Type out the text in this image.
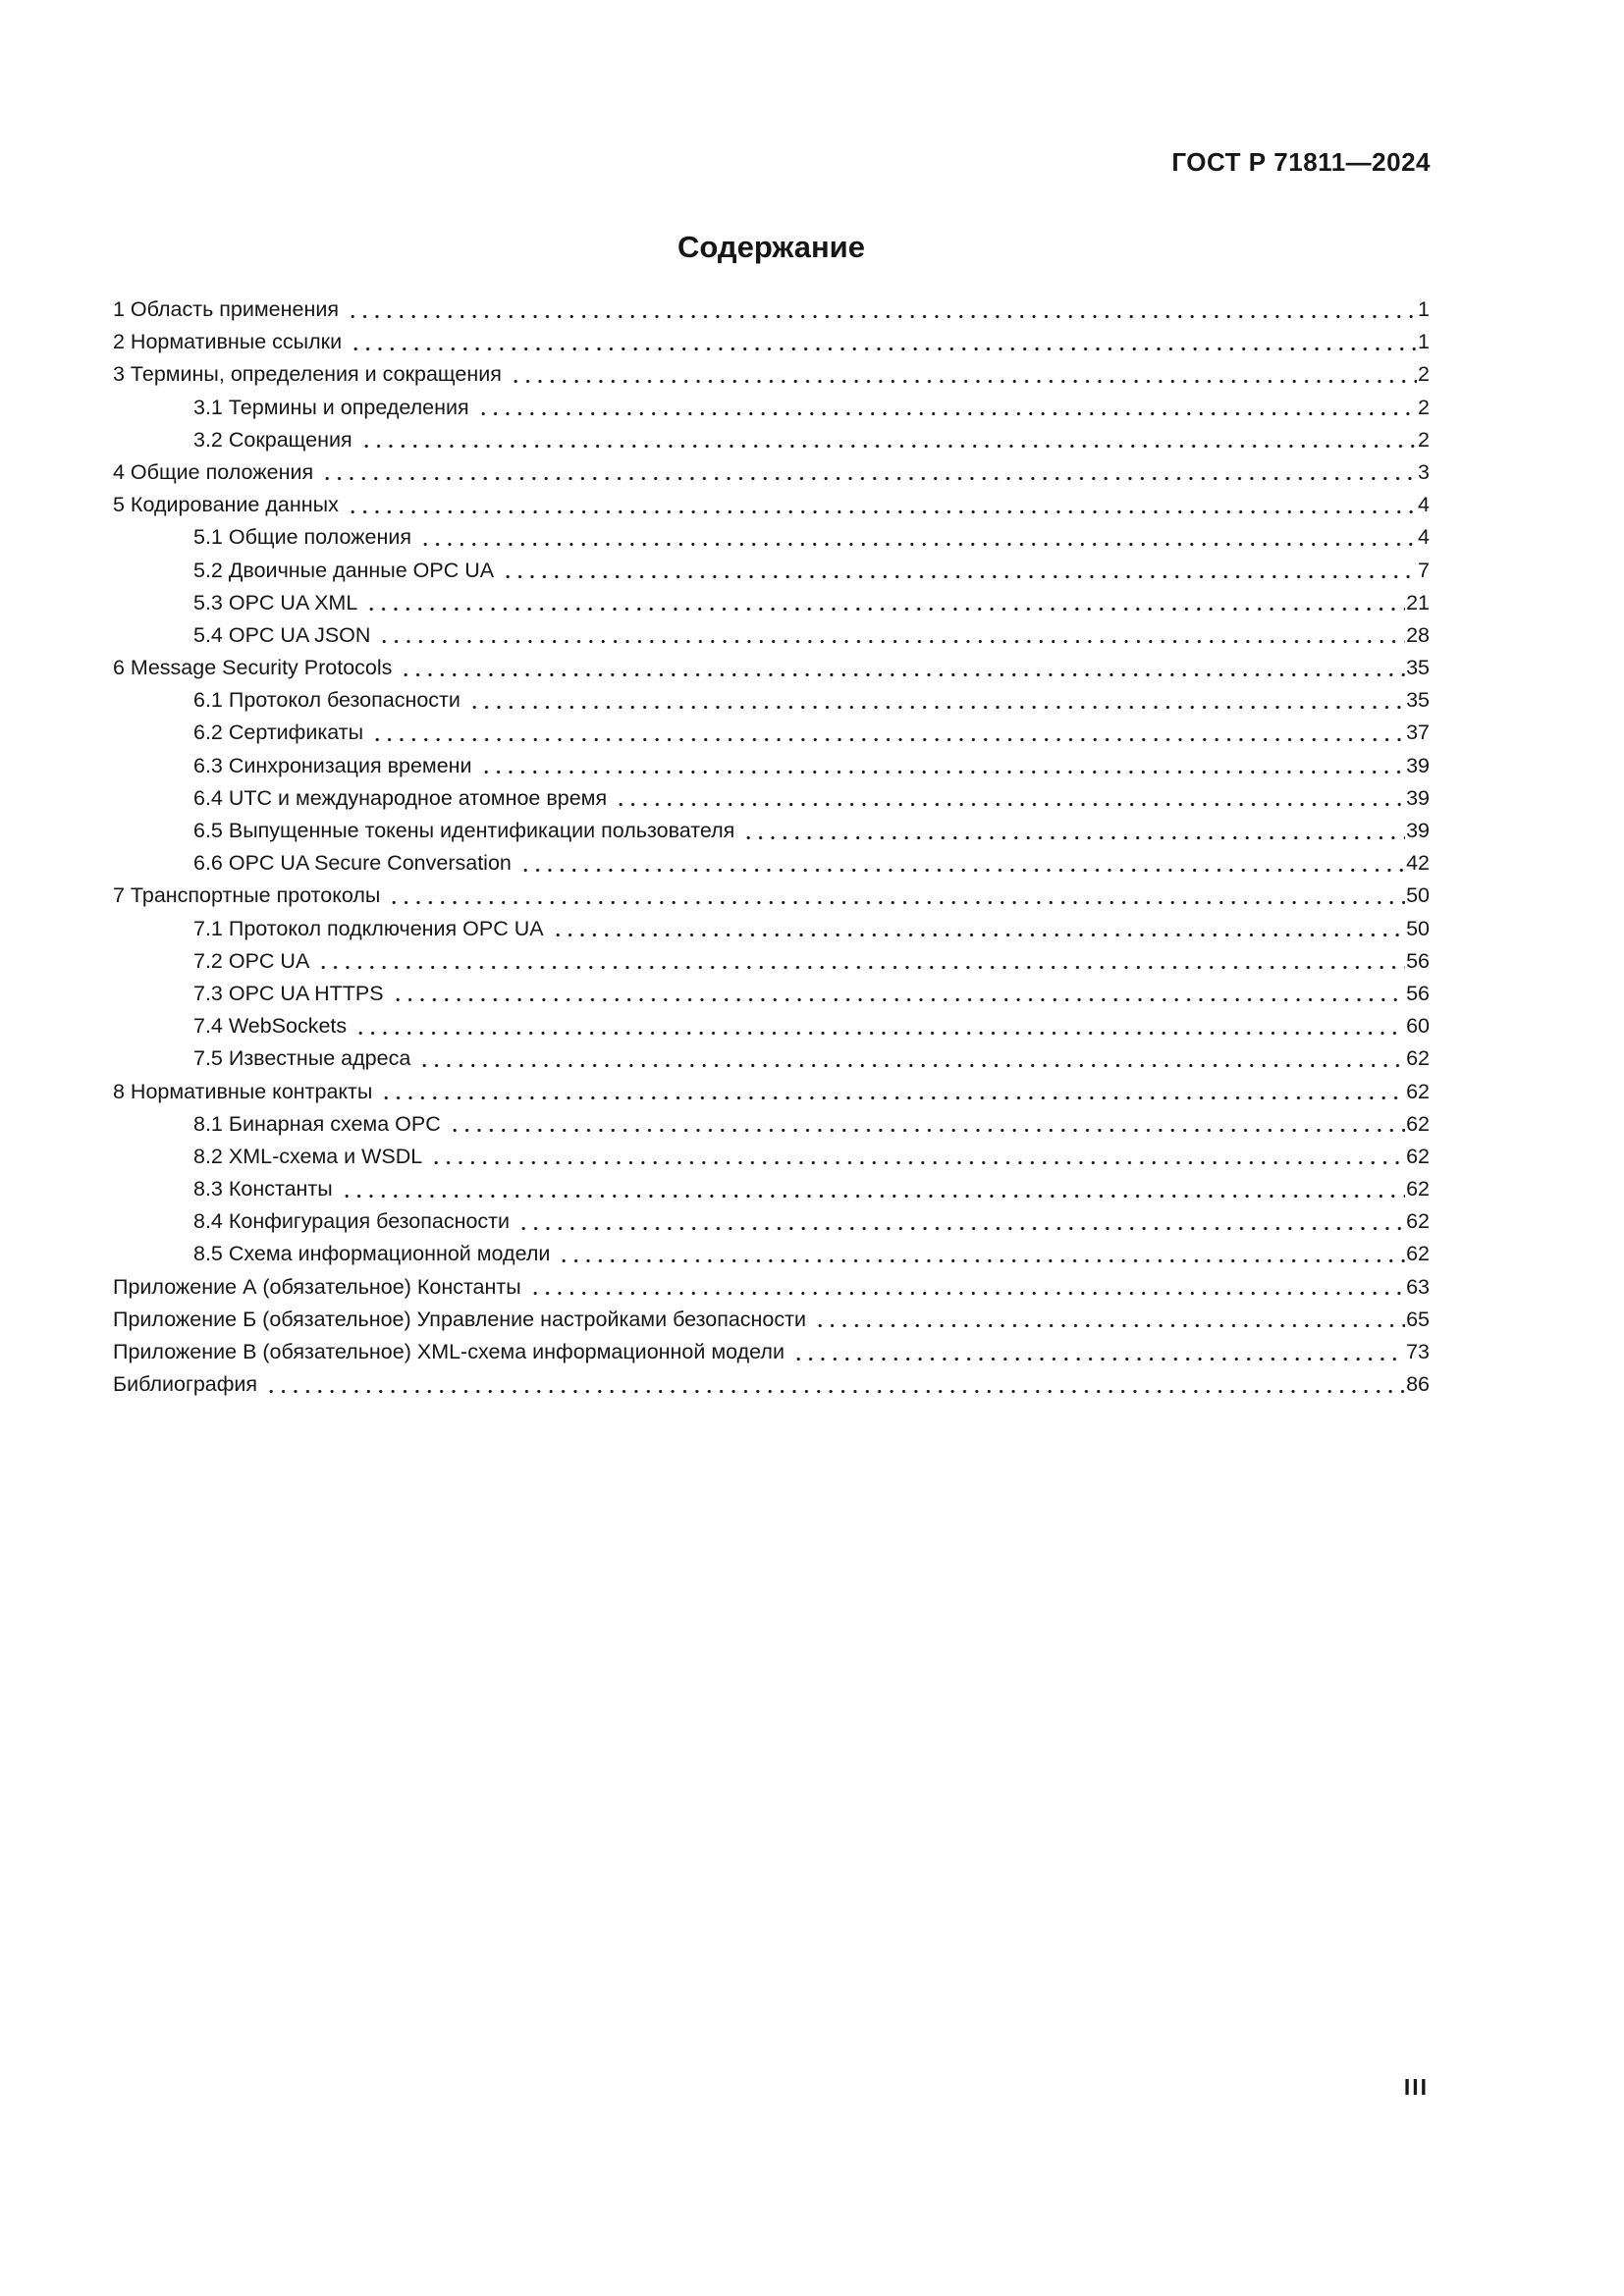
ГОСТ Р 71811—2024
Содержание
1 Область применения	1
2 Нормативные ссылки	1
3 Термины, определения и сокращения	2
3.1 Термины и определения	2
3.2 Сокращения	2
4 Общие положения	3
5 Кодирование данных	4
5.1 Общие положения	4
5.2 Двоичные данные OPC UA	7
5.3 OPC UA XML	21
5.4 OPC UA JSON	28
6 Message Security Protocols	35
6.1 Протокол безопасности	35
6.2 Сертификаты	37
6.3 Синхронизация времени	39
6.4 UTC и международное атомное время	39
6.5 Выпущенные токены идентификации пользователя	39
6.6 OPC UA Secure Conversation	42
7 Транспортные протоколы	50
7.1 Протокол подключения OPC UA	50
7.2 OPC UA	56
7.3 OPC UA HTTPS	56
7.4 WebSockets	60
7.5 Известные адреса	62
8 Нормативные контракты	62
8.1 Бинарная схема OPC	62
8.2 XML-схема и WSDL	62
8.3 Константы	62
8.4 Конфигурация безопасности	62
8.5 Схема информационной модели	62
Приложение А (обязательное) Константы	63
Приложение Б (обязательное) Управление настройками безопасности	65
Приложение В (обязательное) XML-схема информационной модели	73
Библиография	86
III
